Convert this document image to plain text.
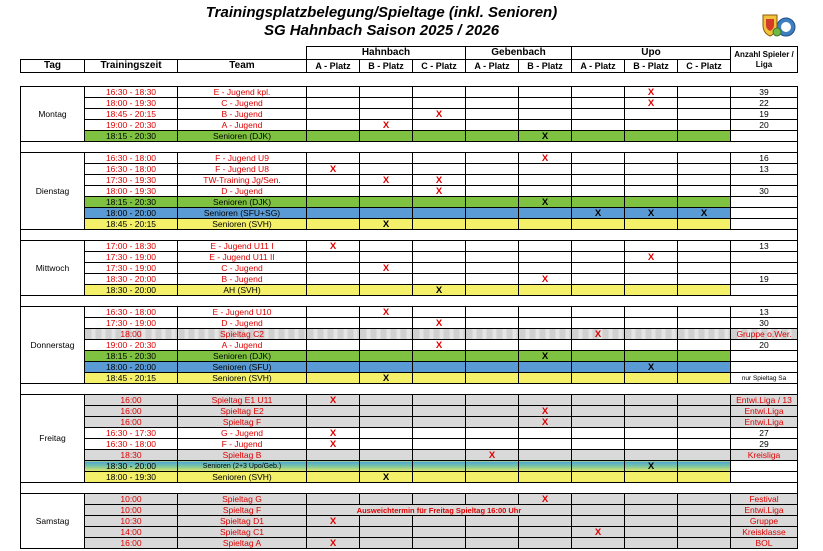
Trainingsplatzbelegung/Spieltage (inkl. Senioren)
SG Hahnbach Saison 2025 / 2026
			Hahnbach			Gebenbach		Upo			Anzahl Spieler / Liga
Tag	Trainingszeit	Team	A - Platz	B - Platz	C - Platz	A - Platz	B - Platz	A - Platz	B - Platz	C - Platz	
Montag	16:30 - 18:30	E - Jugend kpl.							X		39
	18:00 - 19:30	C - Jugend							X		22
	18:45 - 20:15	B - Jugend			X						19
	19:00 - 20:30	A - Jugend		X							20
	18:15 - 20:30	Senioren (DJK)					X				

Dienstag	16:30 - 18:00	F - Jugend U9					X				16
	16:30 - 18:00	F - Jugend U8	X								13
	17:30 - 19:30	TW-Training Jg/Sen.		X	X						
	18:00 - 19:30	D - Jugend			X						30
	18:15 - 20:30	Senioren (DJK)					X				
	18:00 - 20:00	Senioren (SFU+SG)						X	X	X	
	18:45 - 20:15	Senioren (SVH)		X							

Mittwoch	17:00 - 18:30	E - Jugend U11 I	X								13
	17:30 - 19:00	E - Jugend U11 II							X		
	17:30 - 19:00	C - Jugend		X							
	18:30 - 20:00	B - Jugend					X				19
	18:30 - 20:00	AH (SVH)			X						

Donnerstag	16:30 - 18:00	E - Jugend U10		X							13
	17:30 - 19:00	D - Jugend			X						30
	18:00	Spieltag C2						X			Gruppe o.Wer.
	19:00 - 20:30	A - Jugend			X						20
	18:15 - 20:30	Senioren (DJK)					X				
	18:00 - 20:00	Senioren (SFU)							X		
	18:45 - 20:15	Senioren (SVH)		X							nur Spieltag Sa

Freitag	16:00	Spieltag E1 U11	X								Entwi.Liga / 13
	16:00	Spieltag E2					X				Entwi.Liga
	16:00	Spieltag F					X				Entwi.Liga
	16:30 - 17:30	G - Jugend	X								27
	16:30 - 18:00	F - Jugend	X								29
	18:30	Spieltag B				X					Kreisliga
	18:30 - 20:00	Senioren (2+3 Upo/Geb.)							X		
	18:00 - 19:30	Senioren (SVH)		X							

Samstag	10:00	Spieltag G					X				Festival
	10:00	Spieltag F	Ausweichtermin für Freitag Spieltag 16:00 Uhr								Entwi.Liga
	10:30	Spieltag D1	X								Gruppe
	14:00	Spieltag C1						X			Kreisklasse
	16:00	Spieltag A	X								BOL
